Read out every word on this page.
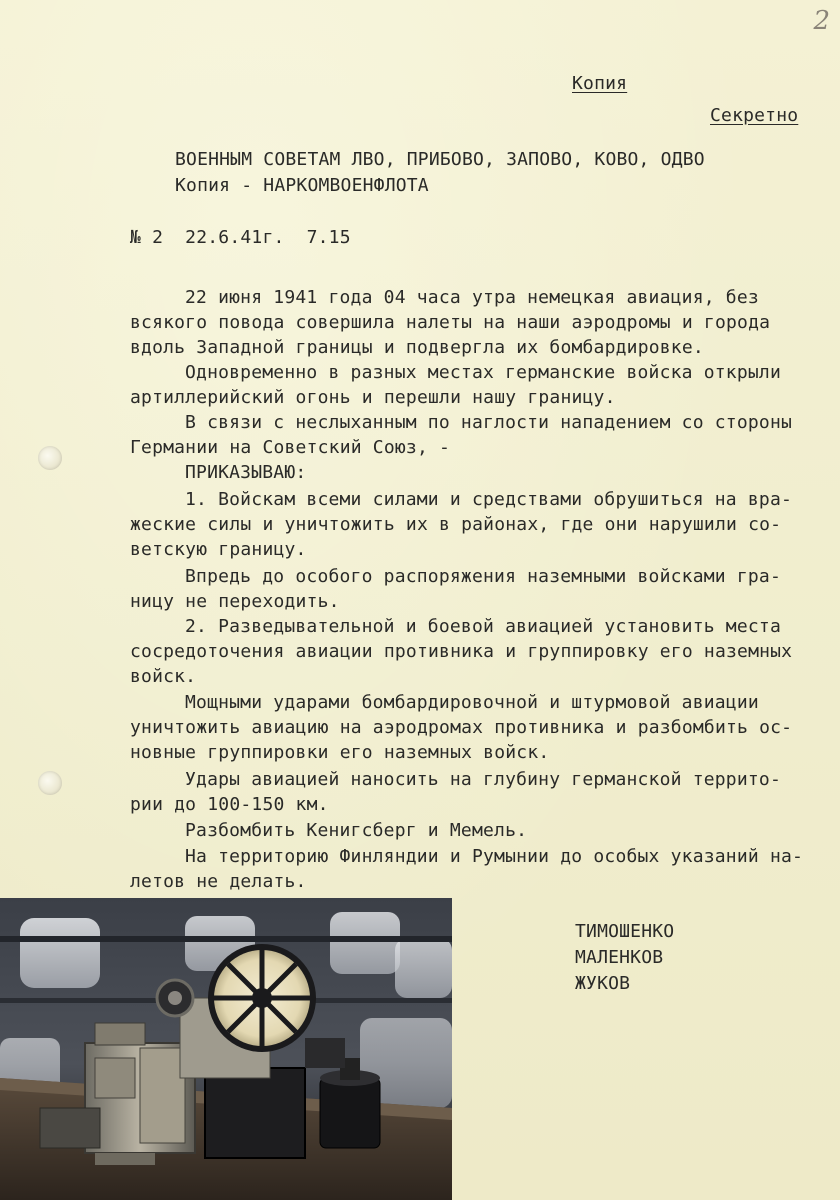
2
Копия
Секретно
ВОЕННЫМ СОВЕТАМ ЛВО, ПРИБОВО, ЗАПОВО, КОВО, ОДВО
Копия - НАРКОМВОЕНФЛОТА
№ 2  22.6.41г.  7.15
22 июня 1941 года 04 часа утра немецкая авиация, без
всякого повода совершила налеты на наши аэродромы и города
вдоль Западной границы и подвергла их бомбардировке.
Одновременно в разных местах германские войска открыли
артиллерийский огонь и перешли нашу границу.
В связи с неслыханным по наглости нападением со стороны
Германии на Советский Союз, -
ПРИКАЗЫВАЮ:
1. Войскам всеми силами и средствами обрушиться на вра-
жеские силы и уничтожить их в районах, где они нарушили со-
ветскую границу.
Впредь до особого распоряжения наземными войсками гра-
ницу не переходить.
2. Разведывательной и боевой авиацией установить места
сосредоточения авиации противника и группировку его наземных
войск.
Мощными ударами бомбардировочной и штурмовой авиации
уничтожить авиацию на аэродромах противника и разбомбить ос-
новные группировки его наземных войск.
Удары авиацией наносить на глубину германской террито-
рии до 100-150 км.
Разбомбить Кенигсберг и Мемель.
На территорию Финляндии и Румынии до особых указаний на-
летов не делать.
ТИМОШЕНКО
МАЛЕНКОВ
ЖУКОВ
